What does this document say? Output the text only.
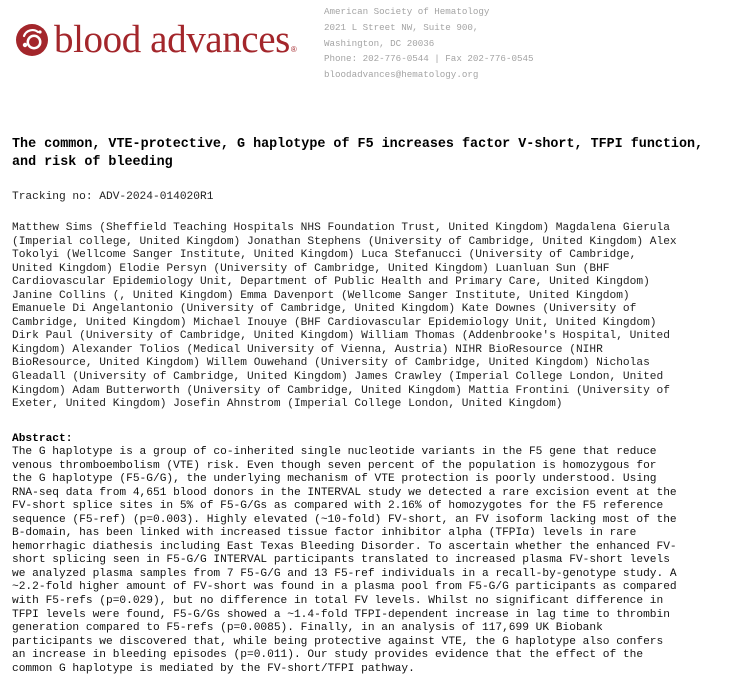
blood advances ®
American Society of Hematology
2021 L Street NW, Suite 900,
Washington, DC 20036
Phone: 202-776-0544 | Fax 202-776-0545
bloodadvances@hematology.org
The common, VTE-protective, G haplotype of F5 increases factor V-short, TFPI function, and risk of bleeding
Tracking no: ADV-2024-014020R1
Matthew Sims (Sheffield Teaching Hospitals NHS Foundation Trust, United Kingdom) Magdalena Gierula
(Imperial college, United Kingdom) Jonathan Stephens (University of Cambridge, United Kingdom) Alex
Tokolyi (Wellcome Sanger Institute, United Kingdom) Luca Stefanucci (University of Cambridge,
United Kingdom) Elodie Persyn (University of Cambridge, United Kingdom) Luanluan Sun (BHF
Cardiovascular Epidemiology Unit, Department of Public Health and Primary Care, United Kingdom)
Janine Collins (, United Kingdom) Emma Davenport (Wellcome Sanger Institute, United Kingdom)
Emanuele Di Angelantonio (University of Cambridge, United Kingdom) Kate Downes (University of
Cambridge, United Kingdom) Michael Inouye (BHF Cardiovascular Epidemiology Unit, United Kingdom)
Dirk Paul (University of Cambridge, United Kingdom) William Thomas (Addenbrooke's Hospital, United
Kingdom) Alexander Tolios (Medical University of Vienna, Austria) NIHR BioResource (NIHR
BioResource, United Kingdom) Willem Ouwehand (University of Cambridge, United Kingdom) Nicholas
Gleadall (University of Cambridge, United Kingdom) James Crawley (Imperial College London, United
Kingdom) Adam Butterworth (University of Cambridge, United Kingdom) Mattia Frontini (University of
Exeter, United Kingdom) Josefin Ahnstrom (Imperial College London, United Kingdom)
Abstract:
The G haplotype is a group of co-inherited single nucleotide variants in the F5 gene that reduce
venous thromboembolism (VTE) risk. Even though seven percent of the population is homozygous for
the G haplotype (F5-G/G), the underlying mechanism of VTE protection is poorly understood. Using
RNA-seq data from 4,651 blood donors in the INTERVAL study we detected a rare excision event at the
FV-short splice sites in 5% of F5-G/Gs as compared with 2.16% of homozygotes for the F5 reference
sequence (F5-ref) (p=0.003). Highly elevated (~10-fold) FV-short, an FV isoform lacking most of the
B-domain, has been linked with increased tissue factor inhibitor alpha (TFPIα) levels in rare
hemorrhagic diathesis including East Texas Bleeding Disorder. To ascertain whether the enhanced FV-
short splicing seen in F5-G/G INTERVAL participants translated to increased plasma FV-short levels
we analyzed plasma samples from 7 F5-G/G and 13 F5-ref individuals in a recall-by-genotype study. A
~2.2-fold higher amount of FV-short was found in a plasma pool from F5-G/G participants as compared
with F5-refs (p=0.029), but no difference in total FV levels. Whilst no significant difference in
TFPI levels were found, F5-G/Gs showed a ~1.4-fold TFPI-dependent increase in lag time to thrombin
generation compared to F5-refs (p=0.0085). Finally, in an analysis of 117,699 UK Biobank
participants we discovered that, while being protective against VTE, the G haplotype also confers
an increase in bleeding episodes (p=0.011). Our study provides evidence that the effect of the
common G haplotype is mediated by the FV-short/TFPI pathway.
